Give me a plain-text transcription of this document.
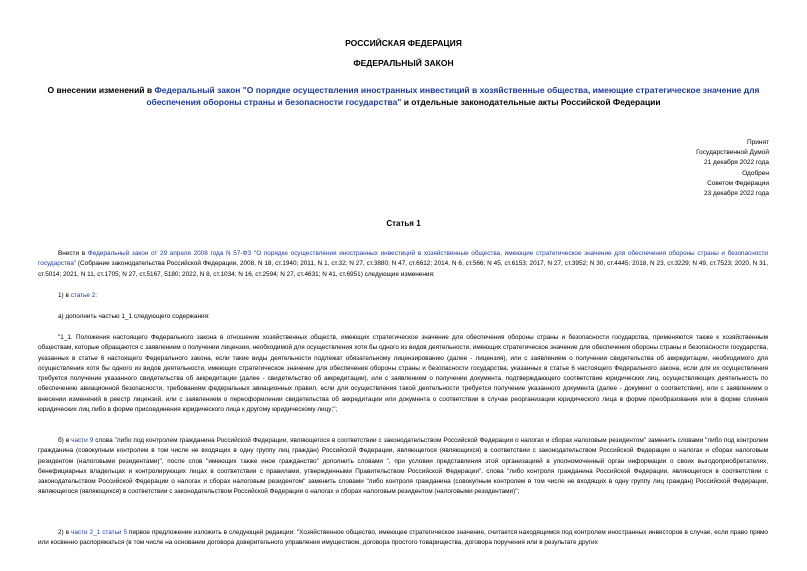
РОССИЙСКАЯ ФЕДЕРАЦИЯ
ФЕДЕРАЛЬНЫЙ ЗАКОН
О внесении изменений в Федеральный закон "О порядке осуществления иностранных инвестиций в хозяйственные общества, имеющие стратегическое значение для обеспечения обороны страны и безопасности государства" и отдельные законодательные акты Российской Федерации
Принят
Государственной Думой
21 декабря 2022 года
Одобрен
Советом Федерации
23 декабря 2022 года
Статья 1
Внести в Федеральный закон от 29 апреля 2008 года N 57-ФЗ "О порядке осуществления иностранных инвестиций в хозяйственные общества, имеющие стратегическое значение для обеспечения обороны страны и безопасности государства" (Собрание законодательства Российской Федерации, 2008, N 18, ст.1940; 2011, N 1, ст.32; N 27, ст.3880; N 47, ст.6612; 2014, N 6, ст.566; N 45, ст.6153; 2017, N 27, ст.3952; N 30, ст.4445; 2018, N 23, ст.3229; N 49, ст.7523; 2020, N 31, ст.5014; 2021, N 11, ст.1705; N 27, ст.5167, 5180; 2022, N 8, ст.1034; N 16, ст.2594; N 27, ст.4631; N 41, ст.6951) следующие изменения:
1) в статье 2:
а) дополнить частью 1_1 следующего содержания:
"1_1. Положения настоящего Федерального закона в отношении хозяйственных обществ, имеющих стратегическое значение для обеспечения обороны страны и безопасности государства, применяются также к хозяйственным обществам, которые обращаются с заявлением о получении лицензии, необходимой для осуществления хотя бы одного из видов деятельности, имеющих стратегическое значение для обеспечения обороны страны и безопасности государства, указанных в статье 6 настоящего Федерального закона, если такие виды деятельности подлежат обязательному лицензированию (далее - лицензия), или с заявлением о получении свидетельства об аккредитации, необходимого для осуществления хотя бы одного из видов деятельности, имеющих стратегическое значение для обеспечения обороны страны и безопасности государства, указанных в статье 6 настоящего Федерального закона, если для их осуществления требуется получение указанного свидетельства об аккредитации (далее - свидетельство об аккредитации), или с заявлением о получении документа, подтверждающего соответствие юридических лиц, осуществляющих деятельность по обеспечению авиационной безопасности, требованиям федеральных авиационных правил, если для осуществления такой деятельности требуется получение указанного документа (далее - документ о соответствии), или с заявлением о внесении изменений в реестр лицензий, или с заявлением о переоформлении свидетельства об аккредитации или документа о соответствии в случае реорганизации юридического лица в форме преобразования или в форме слияния юридических лиц либо в форме присоединения юридического лица к другому юридическому лицу;";
б) в части 9 слова "либо под контролем гражданина Российской Федерации, являющегося в соответствии с законодательством Российской Федерации о налогах и сборах налоговым резидентом" заменить словами "либо под контролем гражданина (совокупным контролем в том числе не входящих в одну группу лиц граждан) Российской Федерации, являющегося (являющихся) в соответствии с законодательством Российской Федерации о налогах и сборах налоговым резидентом (налоговыми резидентами)", после слов "имеющих также иное гражданство" дополнить словами ", при условии представления этой организацией в уполномоченный орган информации о своих выгодоприобретателях, бенефициарных владельцах и контролирующих лицах в соответствии с правилами, утвержденными Правительством Российской Федерации", слова "либо контроля гражданина Российской Федерации, являющегося в соответствии с законодательством Российской Федерации о налогах и сборах налоговым резидентом" заменить словами "либо контроля гражданина (совокупным контролем в том числе не входящих в одну группу лиц граждан) Российской Федерации, являющегося (являющихся) в соответствии с законодательством Российской Федерации о налогах и сборах налоговым резидентом (налоговыми резидентами)";
2) в части 2_1 статьи 5 первое предложение изложить в следующей редакции: "Хозяйственное общество, имеющее стратегическое значение, считается находящимся под контролем иностранных инвесторов в случае, если право прямо или косвенно распоряжаться (в том числе на основании договора доверительного управления имуществом, договора простого товарищества, договора поручения или в результате других
